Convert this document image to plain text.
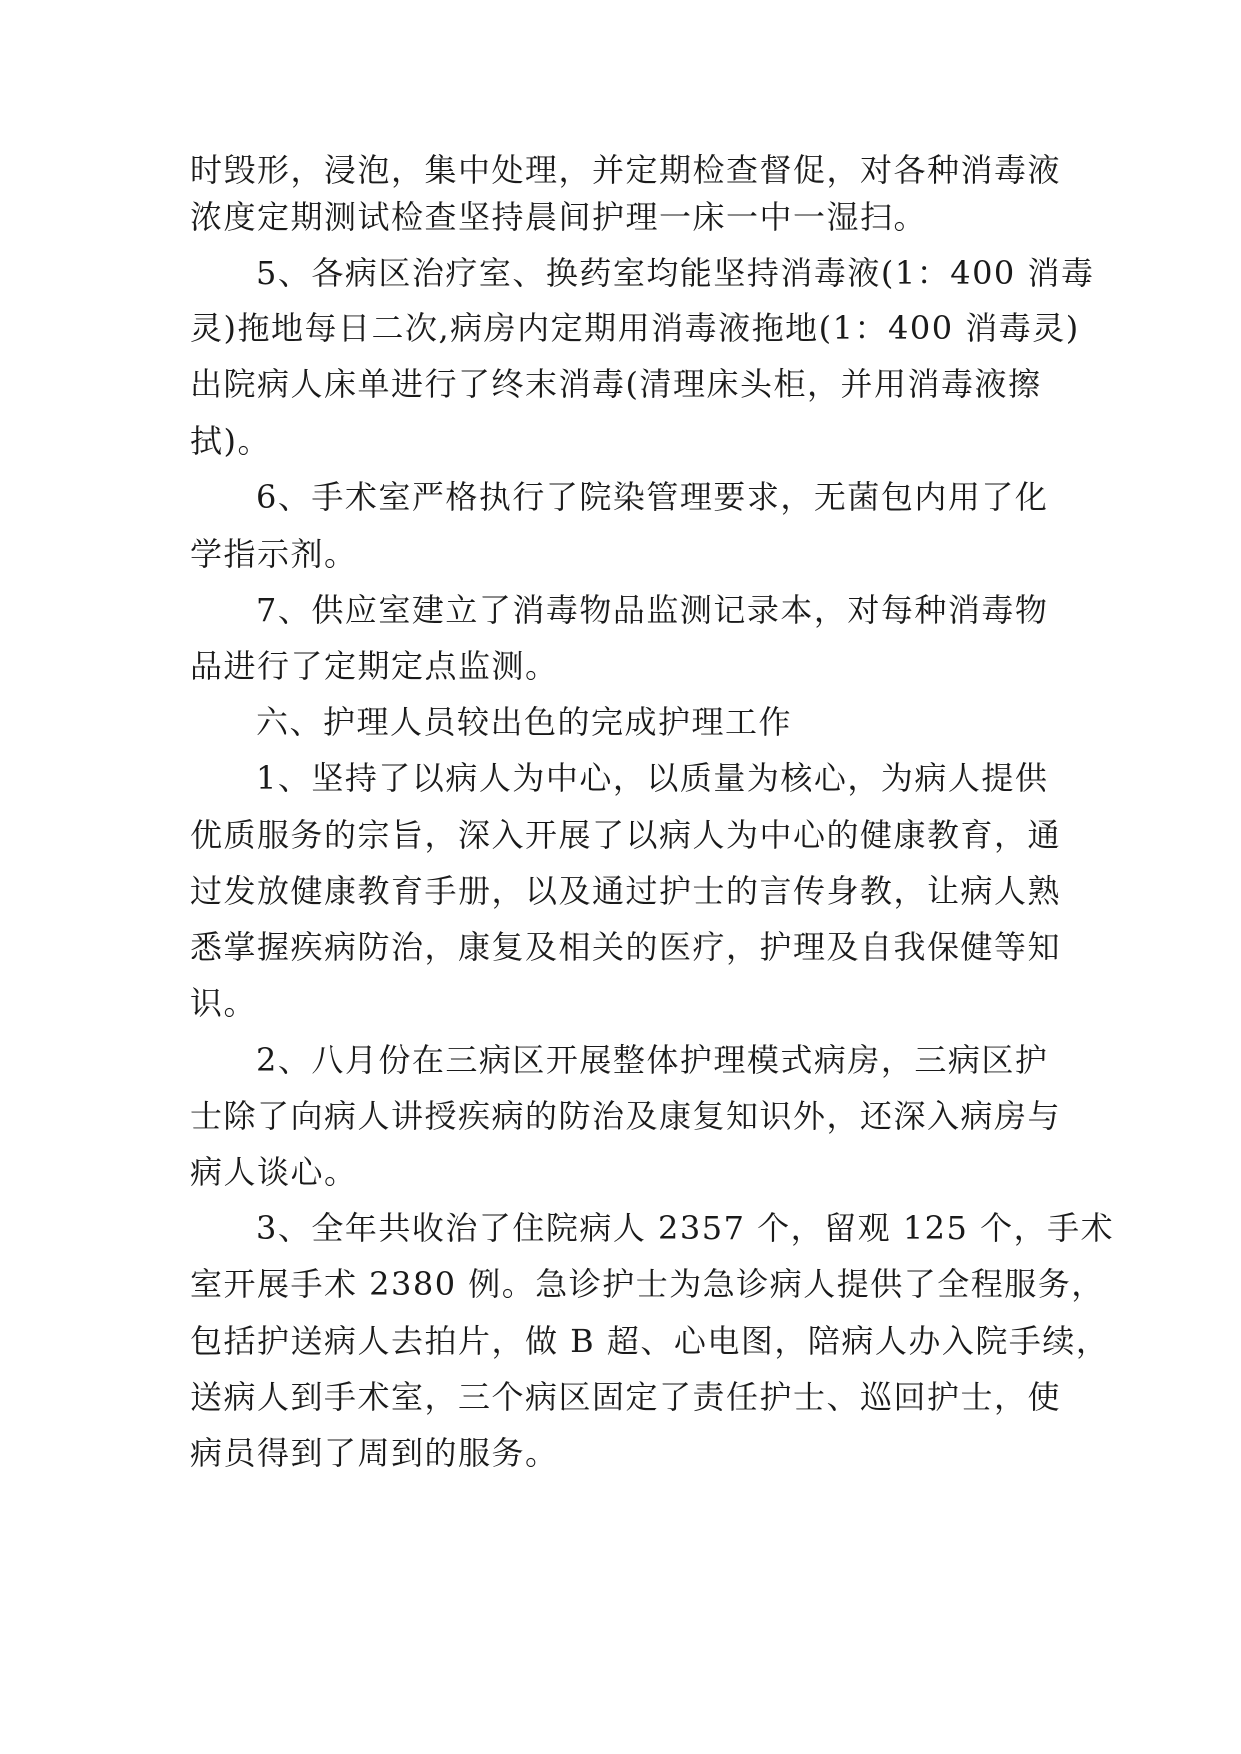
时毁形，浸泡，集中处理，并定期检查督促，对各种消毒液

浓度定期测试检查坚持晨间护理一床一中一湿扫。

5、各病区治疗室、换药室均能坚持消毒液(1：400 消毒

灵)拖地每日二次,病房内定期用消毒液拖地(1：400 消毒灵)

出院病人床单进行了终末消毒(清理床头柜，并用消毒液擦

拭)。

6、手术室严格执行了院染管理要求，无菌包内用了化

学指示剂。

7、供应室建立了消毒物品监测记录本，对每种消毒物

品进行了定期定点监测。

六、护理人员较出色的完成护理工作

1、坚持了以病人为中心，以质量为核心，为病人提供

优质服务的宗旨，深入开展了以病人为中心的健康教育，通

过发放健康教育手册，以及通过护士的言传身教，让病人熟

悉掌握疾病防治，康复及相关的医疗，护理及自我保健等知

识。

2、八月份在三病区开展整体护理模式病房，三病区护

士除了向病人讲授疾病的防治及康复知识外，还深入病房与

病人谈心。

3、全年共收治了住院病人 2357 个，留观 125 个，手术

室开展手术 2380 例。急诊护士为急诊病人提供了全程服务，

包括护送病人去拍片，做 B 超、心电图，陪病人办入院手续，

送病人到手术室，三个病区固定了责任护士、巡回护士，使

病员得到了周到的服务。
